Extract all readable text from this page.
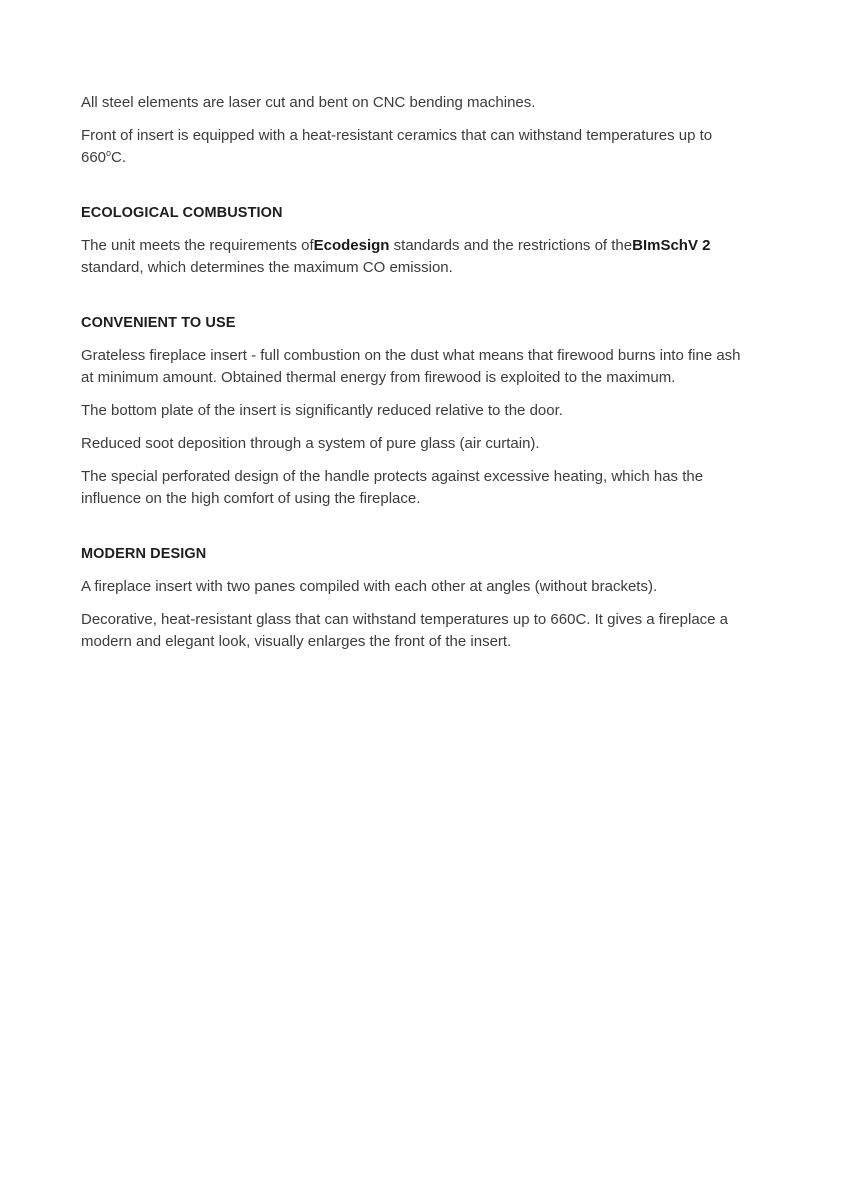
All steel elements are laser cut and bent on CNC bending machines.

Front of insert is equipped with a heat-resistant ceramics that can withstand temperatures up to
660$^o$C.

ECOLOGICAL COMBUSTION

The unit meets the requirements ofEcodesign standards and the restrictions of theBImSchV 2
standard, which determines the maximum CO emission.

CONVENIENT TO USE

Grateless fireplace insert - full combustion on the dust what means that firewood burns into fine ash
at minimum amount. Obtained thermal energy from firewood is exploited to the maximum.

The bottom plate of the insert is significantly reduced relative to the door.

Reduced soot deposition through a system of pure glass (air curtain).

The special perforated design of the handle protects against excessive heating, which has the
influence on the high comfort of using the fireplace.

MODERN DESIGN

A fireplace insert with two panes compiled with each other at angles (without brackets).

Decorative, heat-resistant glass that can withstand temperatures up to 660C. It gives a fireplace a
modern and elegant look, visually enlarges the front of the insert.
